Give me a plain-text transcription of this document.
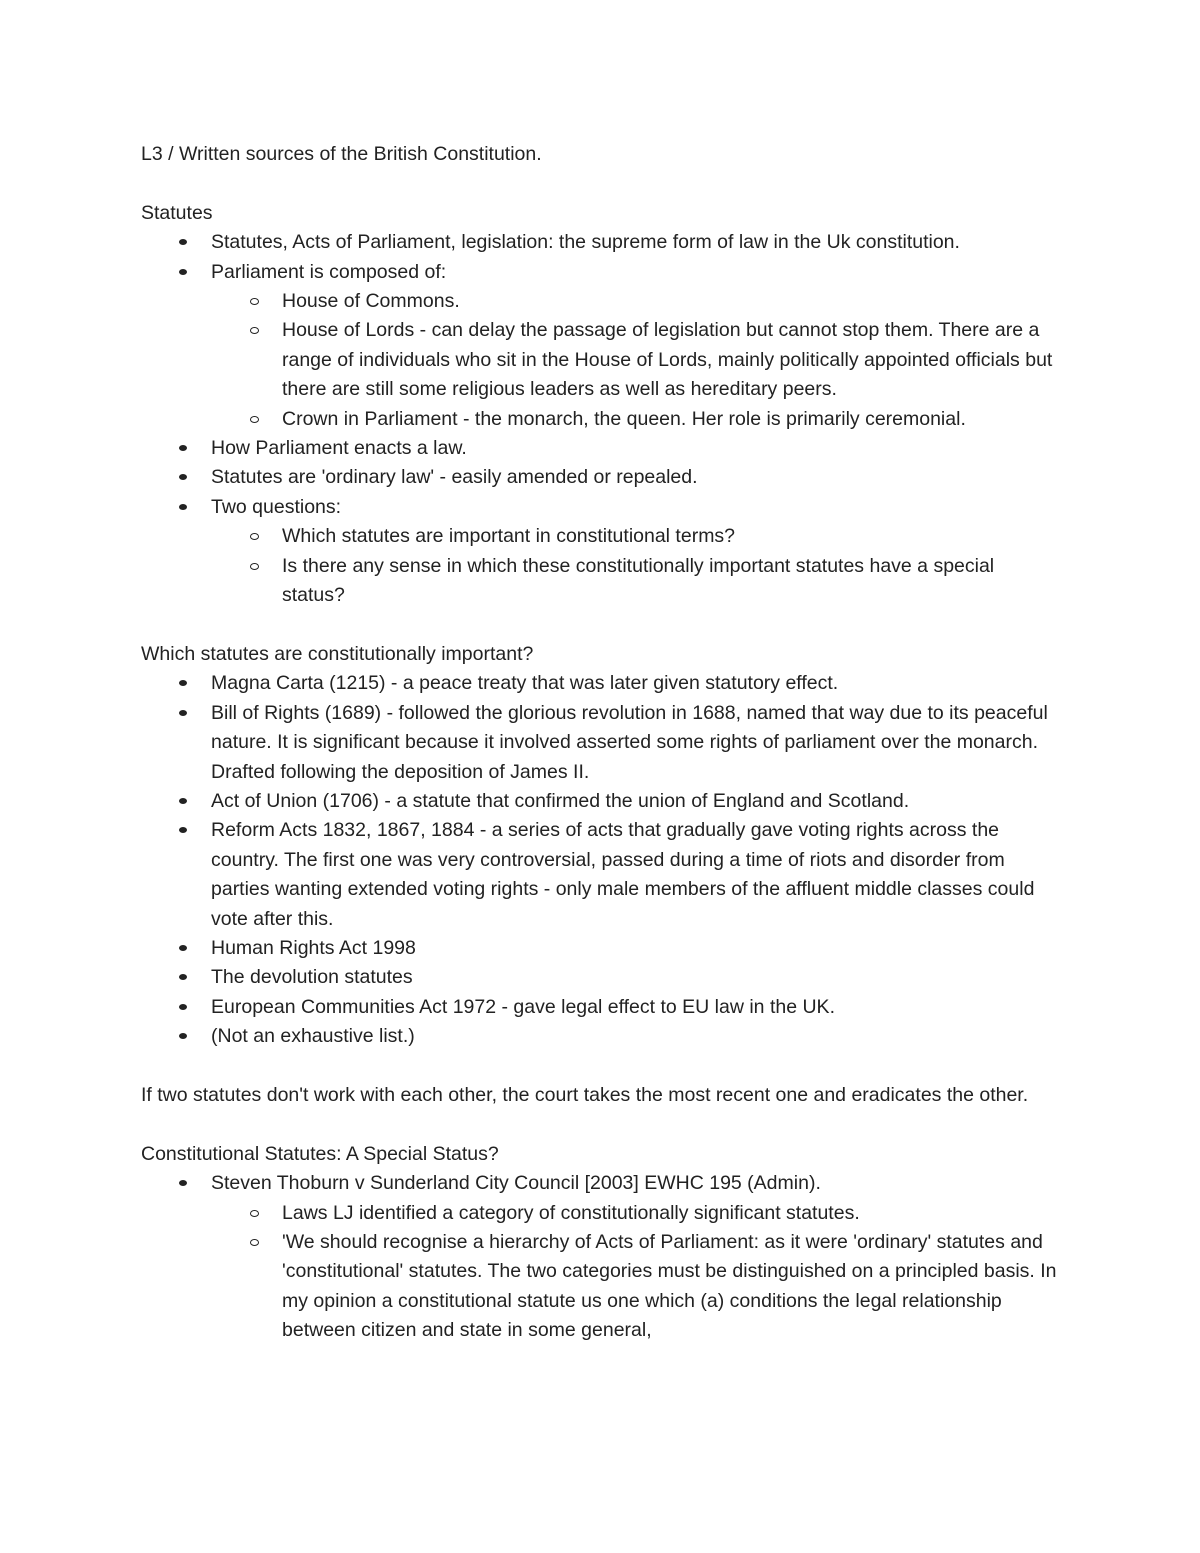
L3 / Written sources of the British Constitution.

Statutes

Statutes, Acts of Parliament, legislation: the supreme form of law in the Uk constitution.
Parliament is composed of:
House of Commons.
House of Lords - can delay the passage of legislation but cannot stop them. There are a range of individuals who sit in the House of Lords, mainly politically appointed officials but there are still some religious leaders as well as hereditary peers.
Crown in Parliament - the monarch, the queen. Her role is primarily ceremonial.
How Parliament enacts a law.
Statutes are 'ordinary law' - easily amended or repealed.
Two questions:
Which statutes are important in constitutional terms?
Is there any sense in which these constitutionally important statutes have a special status?

Which statutes are constitutionally important?

Magna Carta (1215) - a peace treaty that was later given statutory effect.
Bill of Rights (1689) - followed the glorious revolution in 1688, named that way due to its peaceful nature. It is significant because it involved asserted some rights of parliament over the monarch. Drafted following the deposition of James II.
Act of Union (1706) - a statute that confirmed the union of England and Scotland.
Reform Acts 1832, 1867, 1884 - a series of acts that gradually gave voting rights across the country. The first one was very controversial, passed during a time of riots and disorder from parties wanting extended voting rights - only male members of the affluent middle classes could vote after this.
Human Rights Act 1998
The devolution statutes
European Communities Act 1972 - gave legal effect to EU law in the UK.
(Not an exhaustive list.)

If two statutes don't work with each other, the court takes the most recent one and eradicates the other.

Constitutional Statutes: A Special Status?

Steven Thoburn v Sunderland City Council [2003] EWHC 195 (Admin).
Laws LJ identified a category of constitutionally significant statutes.
'We should recognise a hierarchy of Acts of Parliament: as it were 'ordinary' statutes and 'constitutional' statutes. The two categories must be distinguished on a principled basis. In my opinion a constitutional statute us one which (a) conditions the legal relationship between citizen and state in some general,
